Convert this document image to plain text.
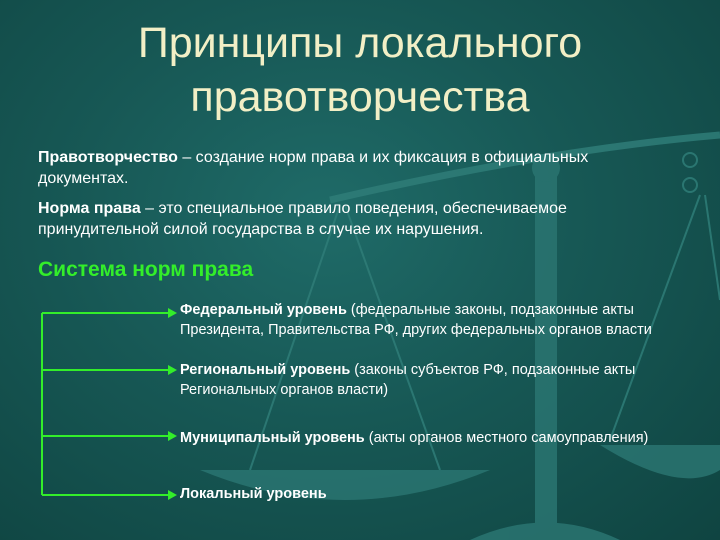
Принципы локального
правотворчества
Правотворчество – создание норм права и их фиксация в официальных документах.
Норма права – это специальное правило поведения, обеспечиваемое принудительной силой государства в случае их нарушения.
Система норм права
Федеральный уровень (федеральные законы, подзаконные акты Президента, Правительства РФ, других федеральных органов власти
Региональный уровень (законы субъектов РФ, подзаконные акты Региональных органов власти)
Муниципальный уровень (акты органов местного самоуправления)
Локальный уровень
